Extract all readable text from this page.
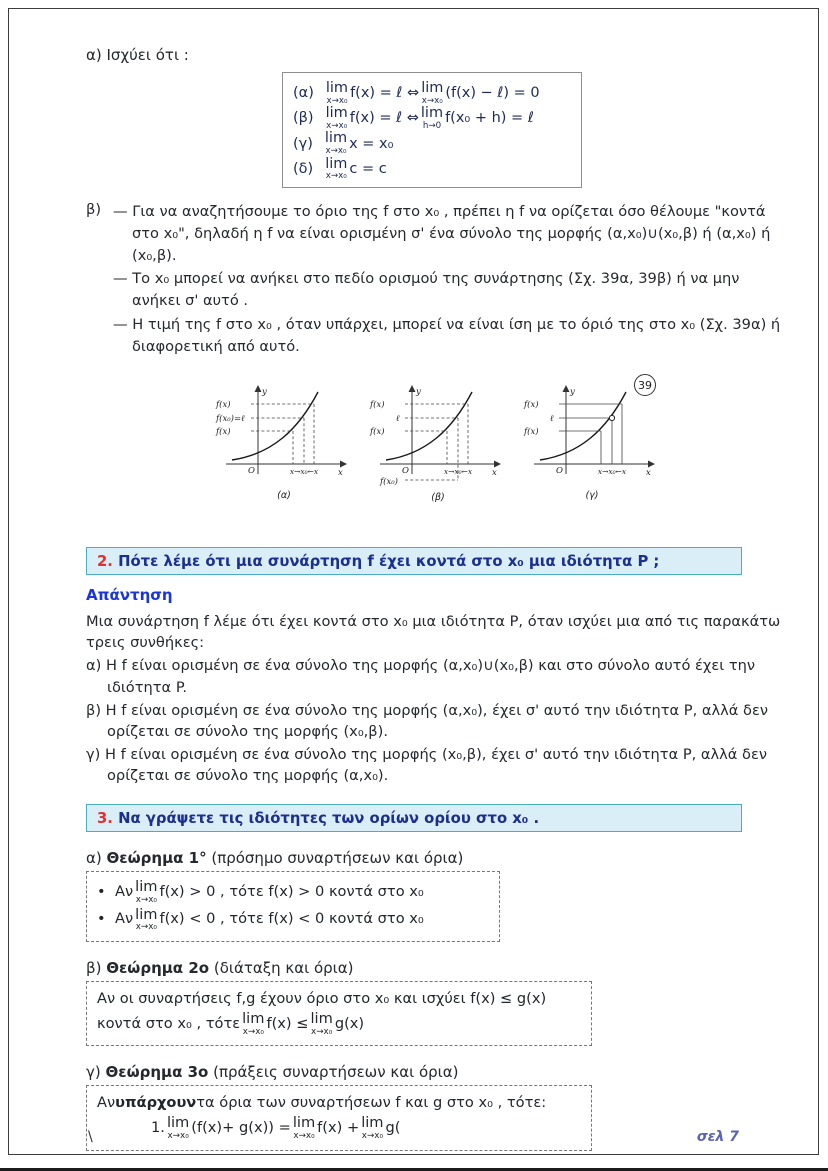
α) Ισχύει ότι :
(α) lim
x→x₀ f(x) = ℓ ⇔ lim
x→x₀ (f(x) − ℓ) = 0
(β) lim
x→x₀ f(x) = ℓ ⇔ lim
h→0 f(x₀ + h) = ℓ
(γ) lim
x→x₀ x = x₀
(δ) lim
x→x₀ c = c
β) — Για να αναζητήσουμε το όριο της f στο x₀ , πρέπει η f να ορίζεται όσο θέλουμε "κοντά στο x₀", δηλαδή η f να είναι ορισμένη σ' ένα σύνολο της μορφής (α,x₀)∪(x₀,β) ή (α,x₀) ή (x₀,β).

— Το x₀ μπορεί να ανήκει στο πεδίο ορισμού της συνάρτησης (Σχ. 39α, 39β) ή να μην ανήκει σ' αυτό .

— Η τιμή της f στο x₀ , όταν υπάρχει, μπορεί να είναι ίση με το όριό της στο x₀ (Σχ. 39α) ή διαφορετική από αυτό.

y
x
O
f(x)
f(x₀)=ℓ
f(x)
x→x₀←x
(α)
y
x
O
f(x)
ℓ
f(x)
f(x₀)
x→x₀←x
(β)
y
x
O
f(x)
ℓ
f(x)
x→x₀←x
(γ)
39
2. Πότε λέμε ότι μια συνάρτηση f έχει κοντά στο x₀ μια ιδιότητα P ;
Απάντηση

Μια συνάρτηση f λέμε ότι έχει κοντά στο x₀ μια ιδιότητα P, όταν ισχύει μια από τις παρακάτω τρεις συνθήκες:

α) Η f είναι ορισμένη σε ένα σύνολο της μορφής (α,x₀)∪(x₀,β) και στο σύνολο αυτό έχει την ιδιότητα P.

β) Η f είναι ορισμένη σε ένα σύνολο της μορφής (α,x₀), έχει σ' αυτό την ιδιότητα P, αλλά δεν ορίζεται σε σύνολο της μορφής (x₀,β).

γ) Η f είναι ορισμένη σε ένα σύνολο της μορφής (x₀,β), έχει σ' αυτό την ιδιότητα P, αλλά δεν ορίζεται σε σύνολο της μορφής (α,x₀).

3. Να γράψετε τις ιδιότητες των ορίων ορίου στο x₀ .
α) Θεώρημα 1° (πρόσημο συναρτήσεων και όρια)
• Αν lim
x→x₀ f(x) > 0 , τότε f(x) > 0 κοντά στο x₀
• Αν lim
x→x₀ f(x) < 0 , τότε f(x) < 0 κοντά στο x₀
β) Θεώρημα 2ο (διάταξη και όρια)
Αν οι συναρτήσεις f,g έχουν όριο στο x₀ και ισχύει f(x) ≤ g(x)
κοντά στο x₀ , τότε lim
x→x₀ f(x) ≤ lim
x→x₀ g(x)
γ) Θεώρημα 3ο (πράξεις συναρτήσεων και όρια)
Αν υπάρχουν τα όρια των συναρτήσεων f και g στο x₀ , τότε:
1. lim
x→x₀ (f(x)+ g(x)) = lim
x→x₀ f(x) + lim
x→x₀ g(
\	σελ 7
